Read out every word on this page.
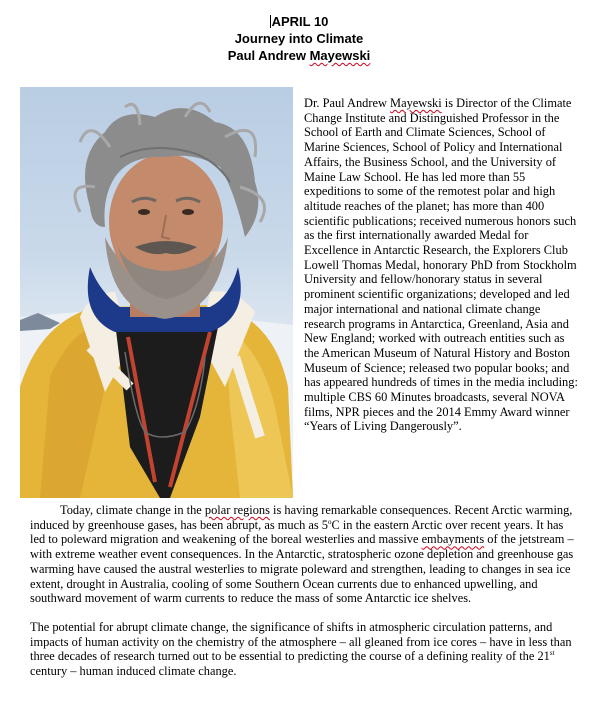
APRIL 10
Journey into Climate
Paul Andrew Mayewski
Dr. Paul Andrew Mayewski is Director of the Climate Change Institute and Distinguished Professor in the School of Earth and Climate Sciences, School of Marine Sciences, School of Policy and International Affairs, the Business School, and the University of Maine Law School. He has led more than 55 expeditions to some of the remotest polar and high altitude reaches of the planet; has more than 400 scientific publications; received numerous honors such as the first internationally awarded Medal for Excellence in Antarctic Research, the Explorers Club Lowell Thomas Medal, honorary PhD from Stockholm University and fellow/honorary status in several prominent scientific organizations; developed and led major international and national climate change research programs in Antarctica, Greenland, Asia and New England; worked with outreach entities such as the American Museum of Natural History and Boston Museum of Science; released two popular books; and has appeared hundreds of times in the media including: multiple CBS 60 Minutes broadcasts, several NOVA films, NPR pieces and the 2014 Emmy Award winner “Years of Living Dangerously”.

Today, climate change in the polar regions is having remarkable consequences. Recent Arctic warming, induced by greenhouse gases, has been abrupt, as much as 5$^o$C in the eastern Arctic over recent years. It has led to poleward migration and weakening of the boreal westerlies and massive embayments of the jetstream – with extreme weather event consequences. In the Antarctic, stratospheric ozone depletion and greenhouse gas warming have caused the austral westerlies to migrate poleward and strengthen, leading to changes in sea ice extent, drought in Australia, cooling of some Southern Ocean currents due to enhanced upwelling, and southward movement of warm currents to reduce the mass of some Antarctic ice shelves.

The potential for abrupt climate change, the significance of shifts in atmospheric circulation patterns, and impacts of human activity on the chemistry of the atmosphere – all gleaned from ice cores – have in less than three decades of research turned out to be essential to predicting the course of a defining reality of the 21st century – human induced climate change.
